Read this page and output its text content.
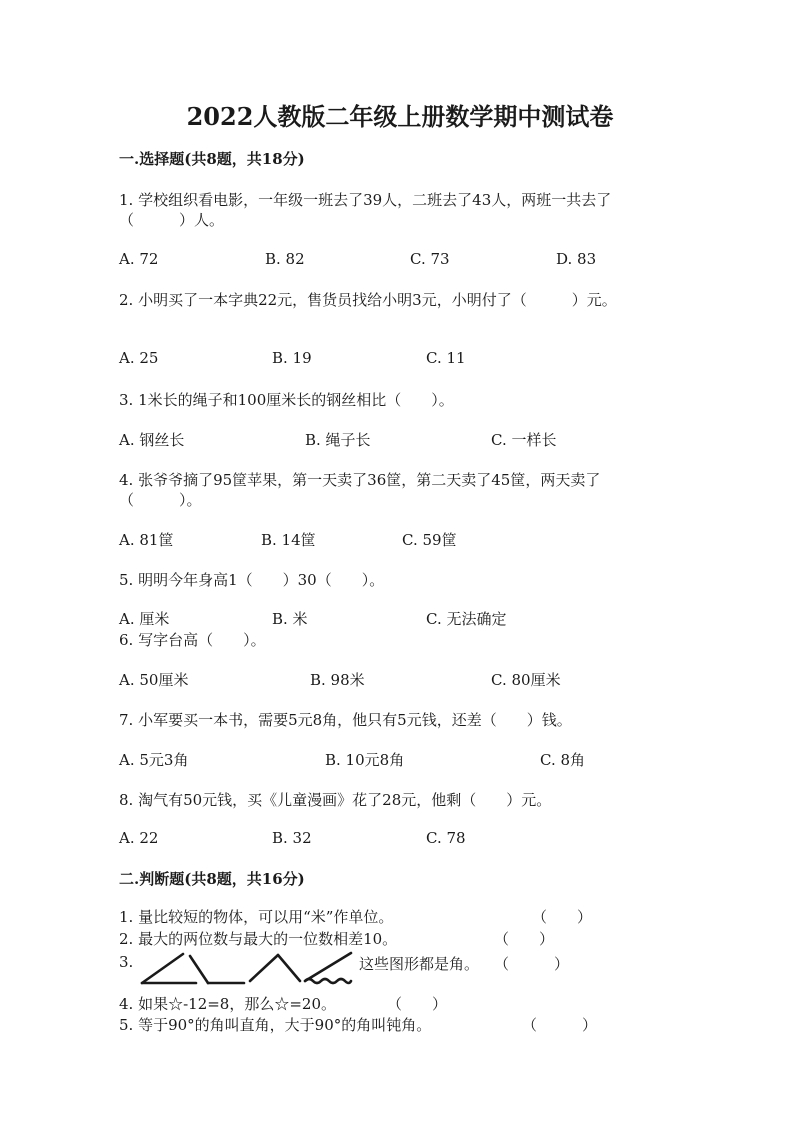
2022人教版二年级上册数学期中测试卷
一.选择题(共8题，共18分)
1. 学校组织看电影，一年级一班去了39人，二班去了43人，两班一共去了
（　　　）人。
A. 72	B. 82	C. 73	D. 83
2. 小明买了一本字典22元，售货员找给小明3元，小明付了（　　　）元。
A. 25	B. 19	C. 11
3. 1米长的绳子和100厘米长的钢丝相比（　　）。
A. 钢丝长	B. 绳子长	C. 一样长
4. 张爷爷摘了95筐苹果，第一天卖了36筐，第二天卖了45筐，两天卖了
（　　　）。
A. 81筐	B. 14筐	C. 59筐
5. 明明今年身高1（　　）30（　　）。
A. 厘米	B. 米	C. 无法确定
6. 写字台高（　　）。
A. 50厘米	B. 98米	C. 80厘米
7. 小军要买一本书，需要5元8角，他只有5元钱，还差（　　）钱。
A. 5元3角	B. 10元8角	C. 8角
8. 淘气有50元钱，买《儿童漫画》花了28元，他剩（　　）元。
A. 22	B. 32	C. 78
二.判断题(共8题，共16分)
1. 量比较短的物体，可以用“米”作单位。	（　　）
2. 最大的两位数与最大的一位数相差10。	（　　）
3.	这些图形都是角。 （　　　）
4. 如果☆-12=8，那么☆=20。	（　　）
5. 等于90°的角叫直角，大于90°的角叫钝角。	（　　　）
